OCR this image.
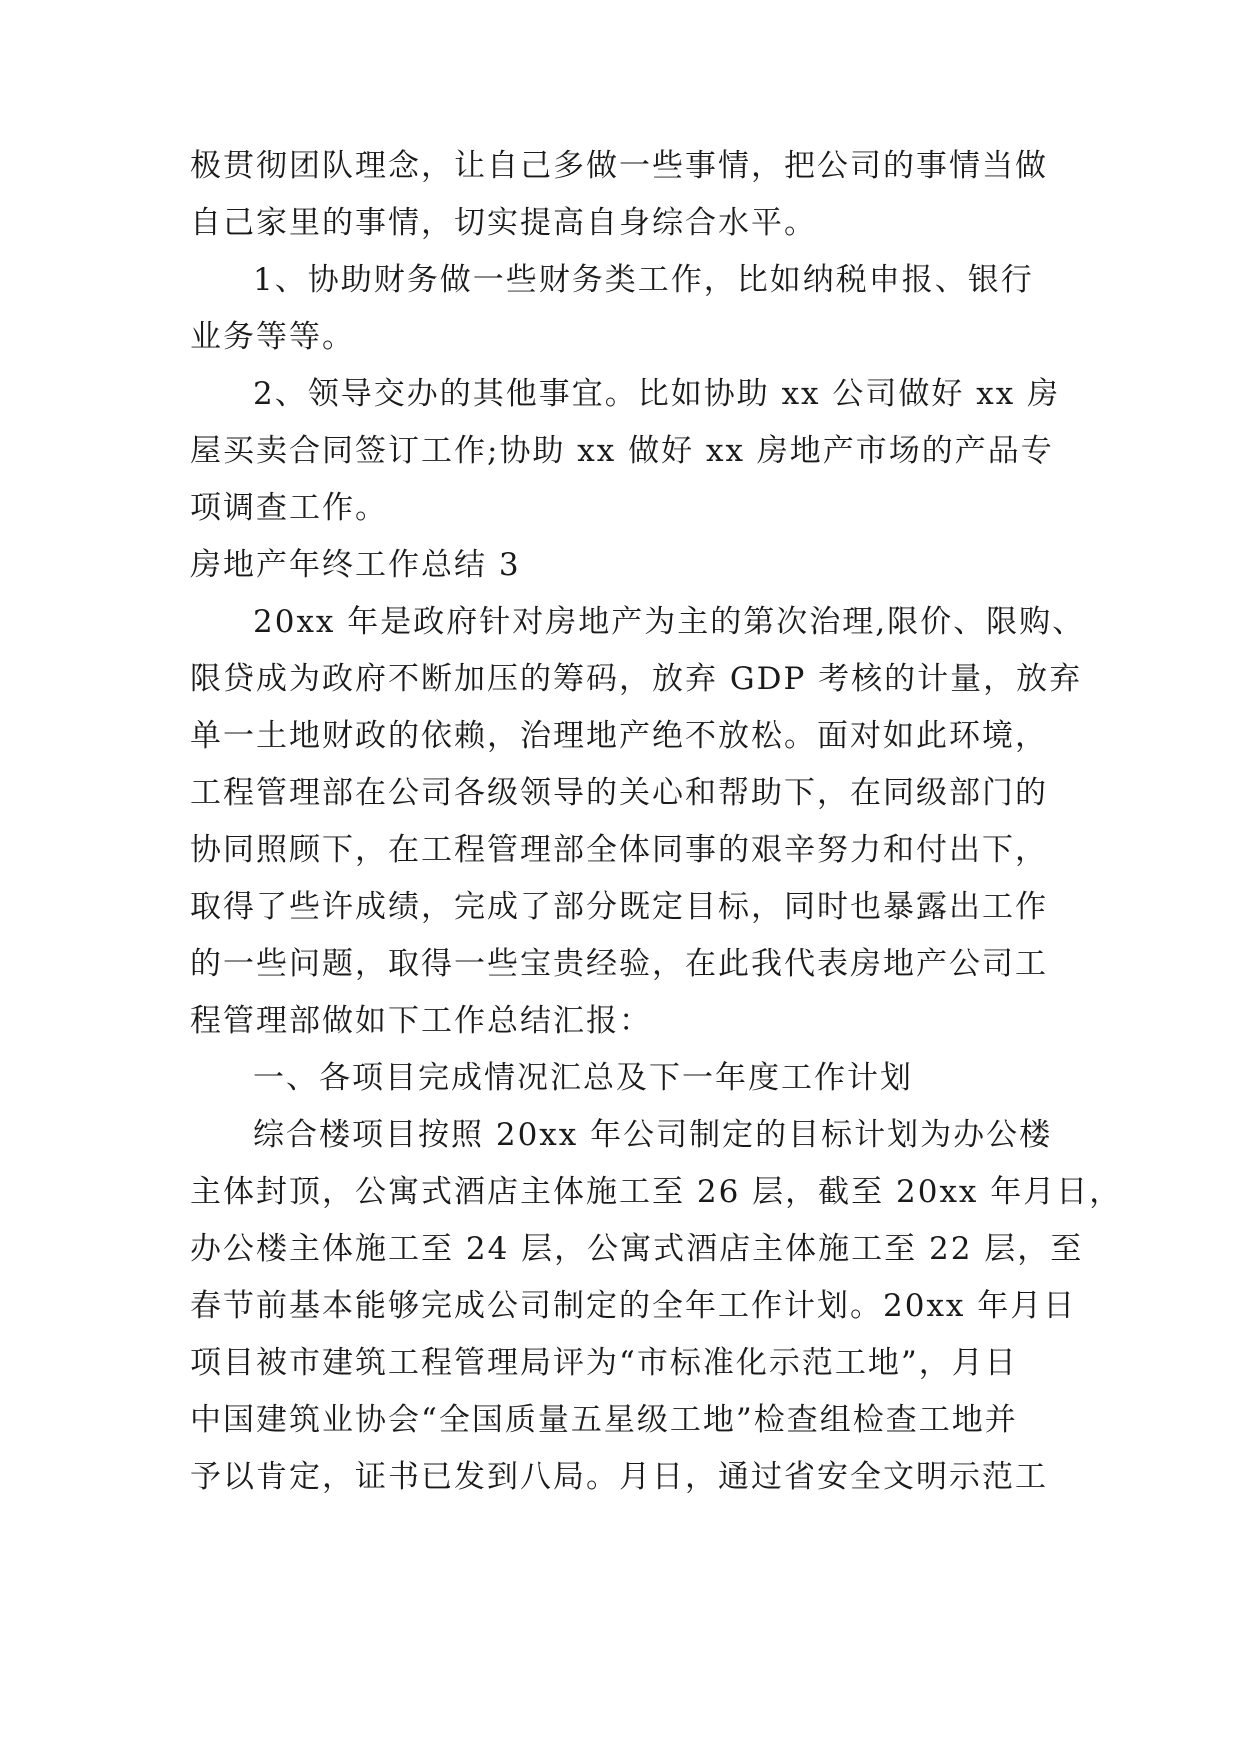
极贯彻团队理念，让自己多做一些事情，把公司的事情当做
自己家里的事情，切实提高自身综合水平。
1、协助财务做一些财务类工作，比如纳税申报、银行
业务等等。
2、领导交办的其他事宜。比如协助 xx 公司做好 xx 房
屋买卖合同签订工作;协助 xx 做好 xx 房地产市场的产品专
项调查工作。
房地产年终工作总结 3
20xx 年是政府针对房地产为主的第次治理,限价、限购、
限贷成为政府不断加压的筹码，放弃 GDP 考核的计量，放弃
单一土地财政的依赖，治理地产绝不放松。面对如此环境，
工程管理部在公司各级领导的关心和帮助下，在同级部门的
协同照顾下，在工程管理部全体同事的艰辛努力和付出下，
取得了些许成绩，完成了部分既定目标，同时也暴露出工作
的一些问题，取得一些宝贵经验，在此我代表房地产公司工
程管理部做如下工作总结汇报：
一、各项目完成情况汇总及下一年度工作计划
综合楼项目按照 20xx 年公司制定的目标计划为办公楼
主体封顶，公寓式酒店主体施工至 26 层，截至 20xx 年月日，
办公楼主体施工至 24 层，公寓式酒店主体施工至 22 层，至
春节前基本能够完成公司制定的全年工作计划。20xx 年月日
项目被市建筑工程管理局评为“市标准化示范工地”，月日
中国建筑业协会“全国质量五星级工地”检查组检查工地并
予以肯定，证书已发到八局。月日，通过省安全文明示范工
